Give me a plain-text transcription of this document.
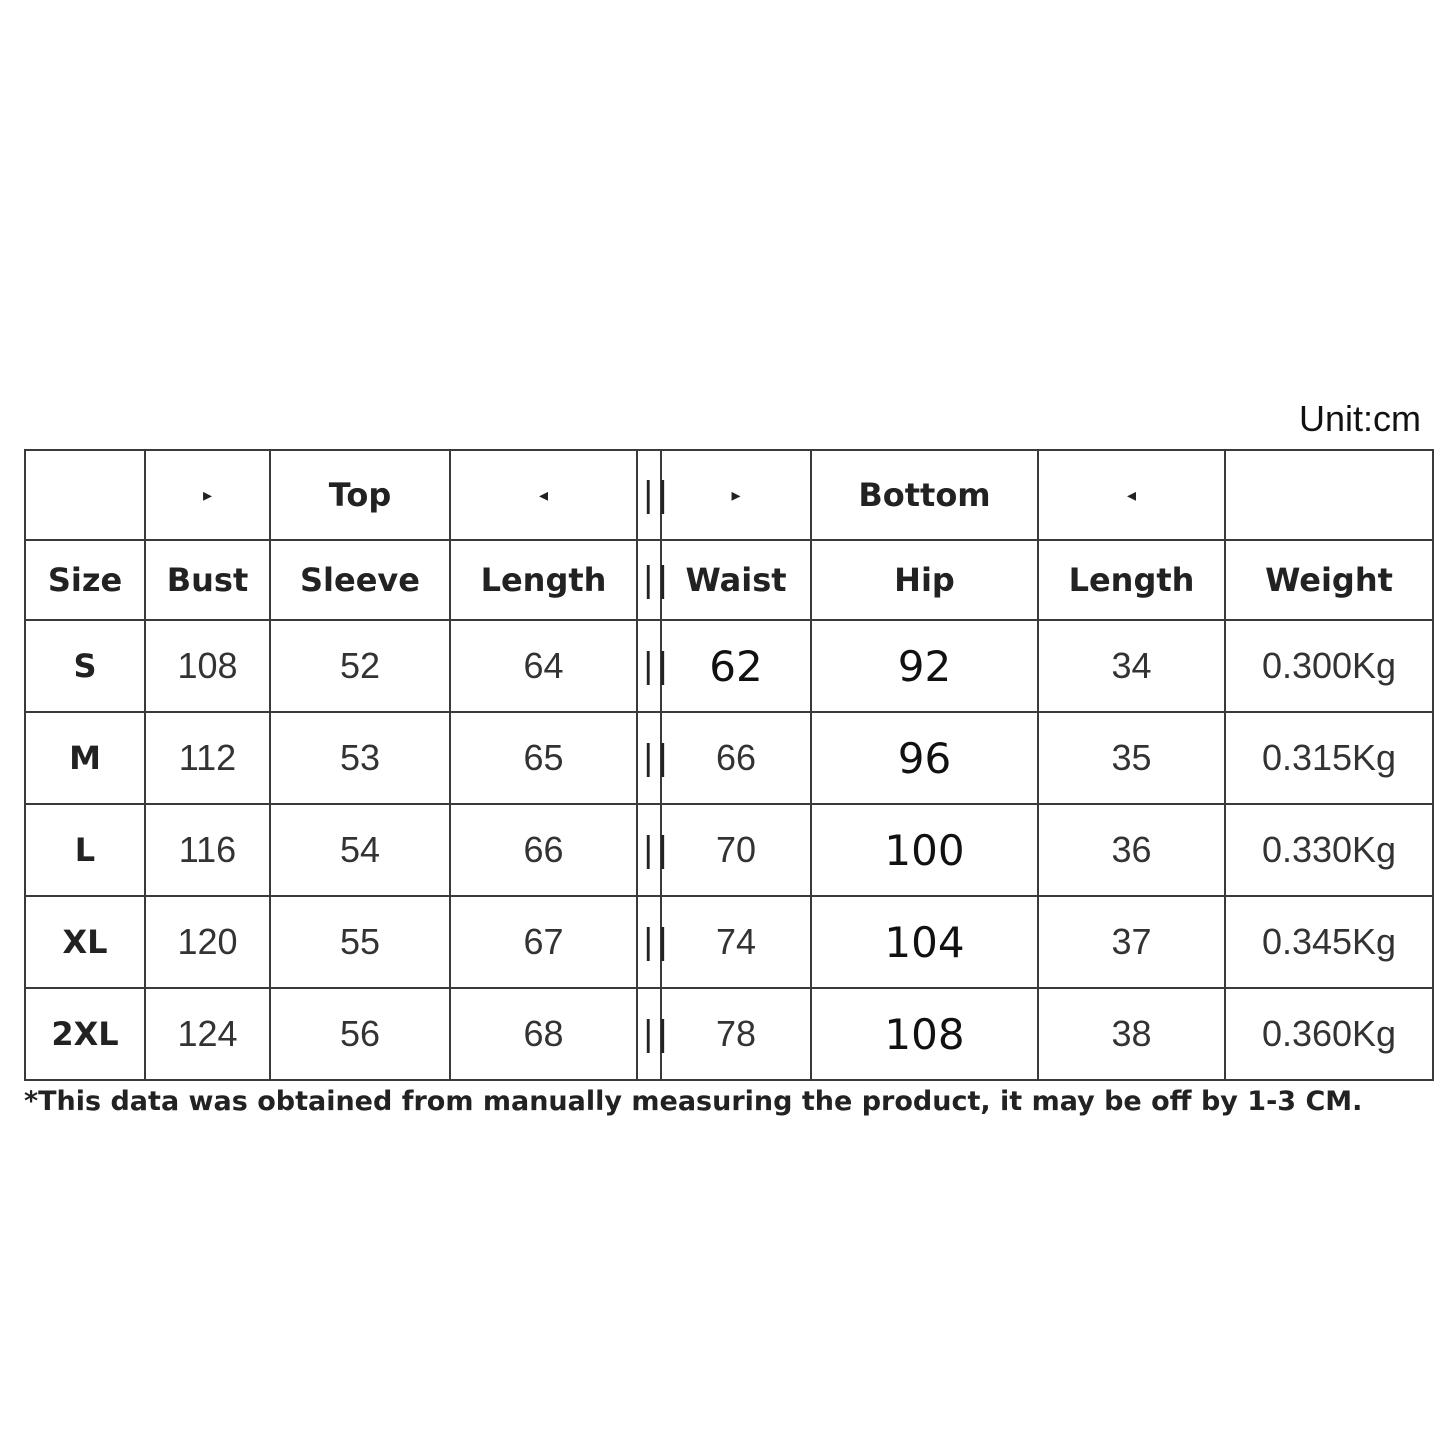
Unit:cm
	▸	Top	◂	||	▸	Bottom	◂	
Size	Bust	Sleeve	Length	||	Waist	Hip	Length	Weight
S	108	52	64	||	62	92	34	0.300Kg
M	112	53	65	||	66	96	35	0.315Kg
L	116	54	66	||	70	100	36	0.330Kg
XL	120	55	67	||	74	104	37	0.345Kg
2XL	124	56	68	||	78	108	38	0.360Kg
*This data was obtained from manually measuring the product, it may be off by 1-3 CM.
